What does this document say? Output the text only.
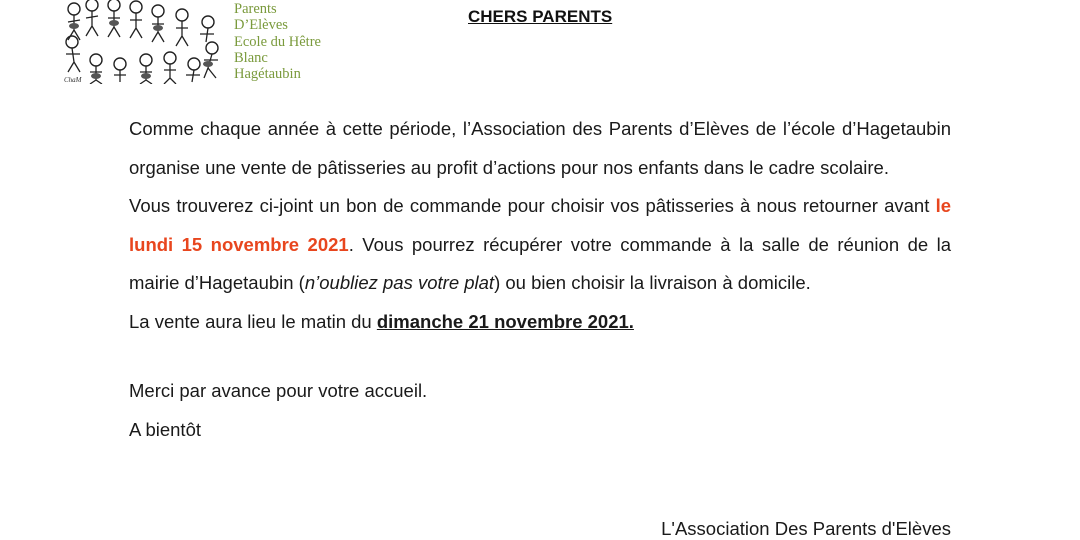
ChaM
Parents
D’Elèves
Ecole du Hêtre
Blanc
Hagétaubin
CHERS PARENTS

Comme chaque année à cette période, l’Association des Parents d’Elèves de l’école d’Hagetaubin organise une vente de pâtisseries au profit d’actions pour nos enfants dans le cadre scolaire.

Vous trouverez ci-joint un bon de commande pour choisir vos pâtisseries à nous retourner avant le lundi 15 novembre 2021. Vous pourrez récupérer votre commande à la salle de réunion de la mairie d’Hagetaubin (n’oubliez pas votre plat) ou bien choisir la livraison à domicile.

La vente aura lieu le matin du dimanche 21 novembre 2021.

Merci par avance pour votre accueil.

A bientôt

L'Association Des Parents d'Elèves
